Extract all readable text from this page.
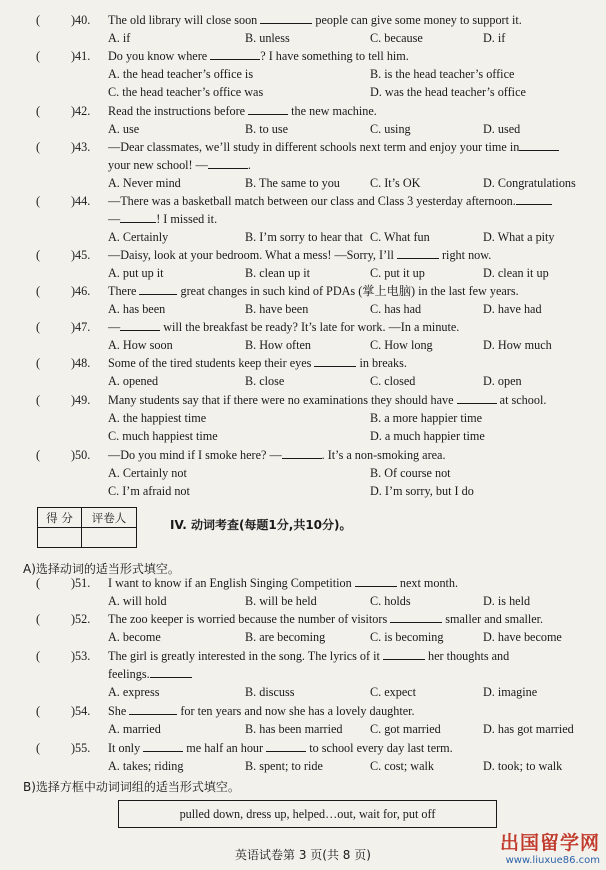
(	)40. The old library will close soon	people can give some money to support it.
A. if	B. unless	C. because	D. if
(	)41. Do you know where	? I have something to tell him.
A. the head teacher’s office is	B. is the head teacher’s office
C. the head teacher’s office was	D. was the head teacher’s office
(	)42. Read the instructions before	the new machine.
A. use	B. to use	C. using	D. used
(	)43. —Dear classmates, we’ll study in different schools next term and enjoy your time in
your new school! —	.
A. Never mind	B. The same to you C. It’s OK	D. Congratulations
(	)44. —There was a basketball match between our class and Class 3 yesterday afternoon.
—	! I missed it.
A. Certainly	B. I’m sorry to hear that C. What fun	D. What a pity
(	)45. —Daisy, look at your bedroom. What a mess! —Sorry, I’ll	right now.
A. put up it	B. clean up it	C. put it up	D. clean it up
(	)46. There	great changes in such kind of PDAs (掌上电脑) in the last few years.
A. has been	B. have been	C. has had	D. have had
(	)47. —	will the breakfast be ready? It’s late for work. —In a minute.
A. How soon	B. How often	C. How long	D. How much
(	)48. Some of the tired students keep their eyes	in breaks.
A. opened	B. close	C. closed	D. open
(	)49. Many students say that if there were no examinations they should have	at school.
A. the happiest time	B. a more happier time
C. much happiest time	D. a much happier time
(	)50. —Do you mind if I smoke here? —	. It’s a non-smoking area.
A. Certainly not	B. Of course not
C. I’m afraid not	D. I’m sorry, but I do
得 分	评卷人

IV. 动词考查(每题1分,共10分)。
A)选择动词的适当形式填空。
(	)51. I want to know if an English Singing Competition	next month.
A. will hold	B. will be held	C. holds	D. is held
(	)52. The zoo keeper is worried because the number of visitors	smaller and smaller.
A. become	B. are becoming	C. is becoming	D. have become
(	)53. The girl is greatly interested in the song. The lyrics of it	her thoughts and
feelings.
A. express	B. discuss	C. expect	D. imagine
(	)54. She	for ten years and now she has a lovely daughter.
A. married	B. has been married C. got married	D. has got married
(	)55. It only	me half an hour	to school every day last term.
A. takes; riding	B. spent; to ride	C. cost; walk	D. took; to walk
B)选择方框中动词词组的适当形式填空。
pulled down, dress up, helped…out, wait for, put off
英语试卷第 3 页(共 8 页)
出国留学网
www.liuxue86.com
